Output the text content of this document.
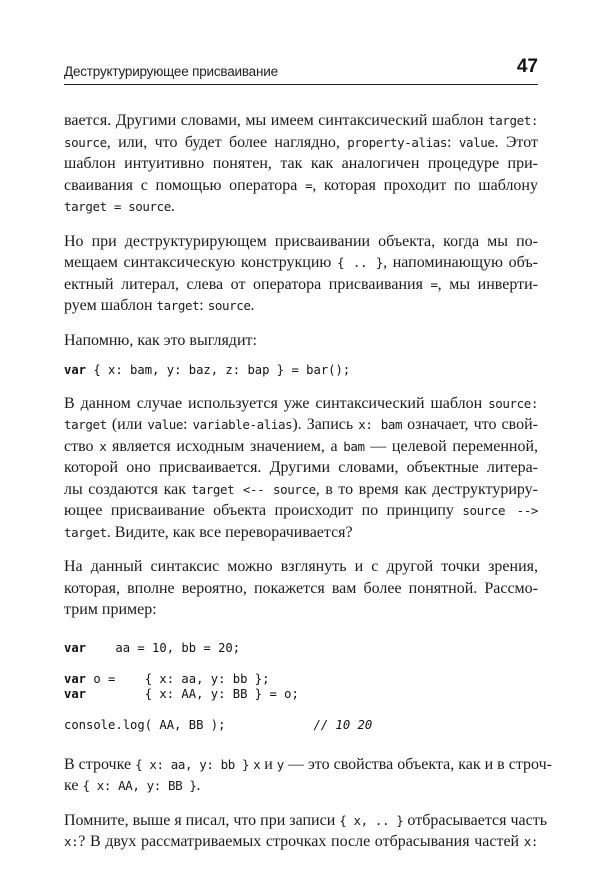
Деструктурирующее присваивание	47

вается. Другими словами, мы имеем синтаксический шаблон target:
source, или, что будет более наглядно, property-alias: value. Этот
шаблон интуитивно понятен, так как аналогичен процедуре при-
сваивания с помощью оператора =, которая проходит по шаблону
target = source.

Но при деструктурирующем присваивании объекта, когда мы по-
мещаем синтаксическую конструкцию { .. }, напоминающую объ-
ектный литерал, слева от оператора присваивания =, мы инверти-
руем шаблон target: source.

Напомню, как это выглядит:

var { x: bam, y: baz, z: bap } = bar();

В данном случае используется уже синтаксический шаблон source:
target (или value: variable-alias). Запись x: bam означает, что свой-
ство x является исходным значением, а bam — целевой переменной,
которой оно присваивается. Другими словами, объектные литера-
лы создаются как target <-- source, в то время как деструктуриру-
ющее присваивание объекта происходит по принципу source -->
target. Видите, как все переворачивается?

На данный синтаксис можно взглянуть и с другой точки зрения,
которая, вполне вероятно, покажется вам более понятной. Рассмо-
трим пример:

var    aa = 10, bb = 20;

var o =    { x: aa, y: bb };
var        { x: AA, y: BB } = o;

console.log( AA, BB );            // 10 20

В строчке { x: aa, y: bb } x и y — это свойства объекта, как и в строч-
ке { x: AA, y: BB }.

Помните, выше я писал, что при записи { x, .. } отбрасывается часть
x:? В двух рассматриваемых строчках после отбрасывания частей x:
